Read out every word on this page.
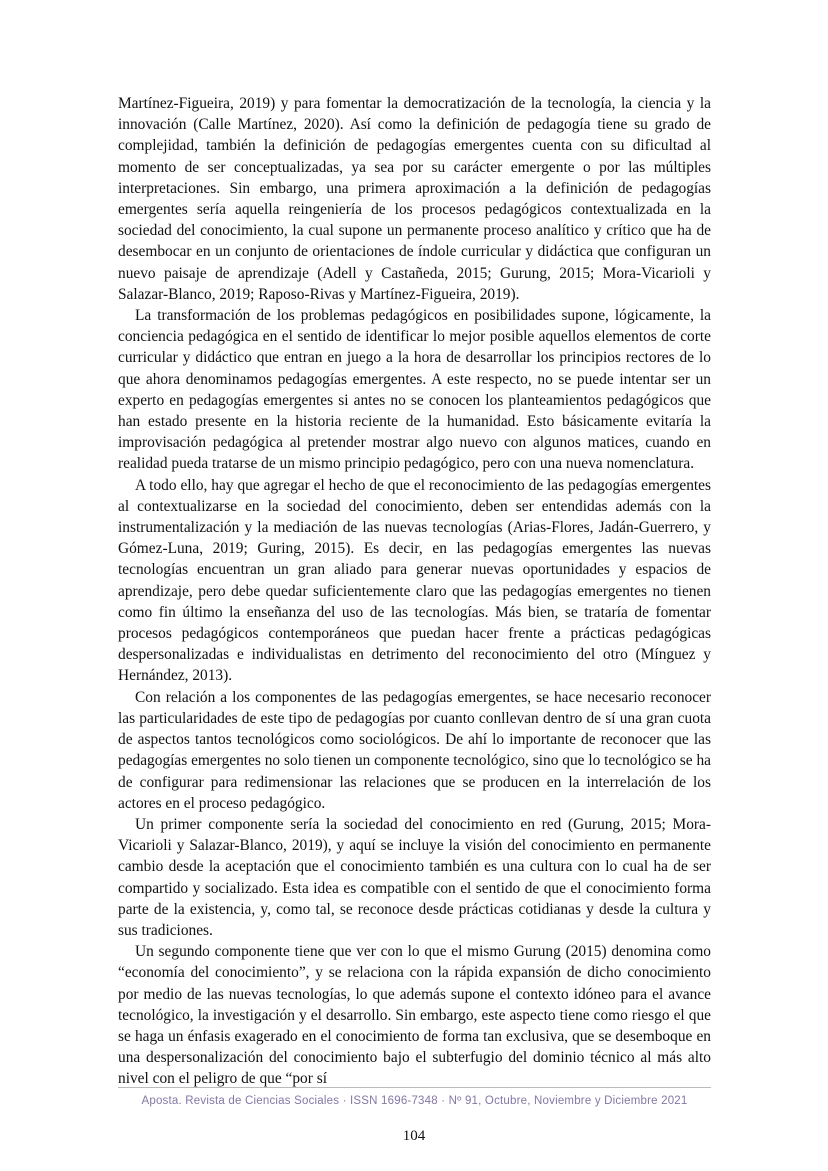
Martínez-Figueira, 2019) y para fomentar la democratización de la tecnología, la ciencia y la innovación (Calle Martínez, 2020). Así como la definición de pedagogía tiene su grado de complejidad, también la definición de pedagogías emergentes cuenta con su dificultad al momento de ser conceptualizadas, ya sea por su carácter emergente o por las múltiples interpretaciones. Sin embargo, una primera aproximación a la definición de pedagogías emergentes sería aquella reingeniería de los procesos pedagógicos contextualizada en la sociedad del conocimiento, la cual supone un permanente proceso analítico y crítico que ha de desembocar en un conjunto de orientaciones de índole curricular y didáctica que configuran un nuevo paisaje de aprendizaje (Adell y Castañeda, 2015; Gurung, 2015; Mora-Vicarioli y Salazar-Blanco, 2019; Raposo-Rivas y Martínez-Figueira, 2019).

La transformación de los problemas pedagógicos en posibilidades supone, lógicamente, la conciencia pedagógica en el sentido de identificar lo mejor posible aquellos elementos de corte curricular y didáctico que entran en juego a la hora de desarrollar los principios rectores de lo que ahora denominamos pedagogías emergentes. A este respecto, no se puede intentar ser un experto en pedagogías emergentes si antes no se conocen los planteamientos pedagógicos que han estado presente en la historia reciente de la humanidad. Esto básicamente evitaría la improvisación pedagógica al pretender mostrar algo nuevo con algunos matices, cuando en realidad pueda tratarse de un mismo principio pedagógico, pero con una nueva nomenclatura.

A todo ello, hay que agregar el hecho de que el reconocimiento de las pedagogías emergentes al contextualizarse en la sociedad del conocimiento, deben ser entendidas además con la instrumentalización y la mediación de las nuevas tecnologías (Arias-Flores, Jadán-Guerrero, y Gómez-Luna, 2019; Guring, 2015). Es decir, en las pedagogías emergentes las nuevas tecnologías encuentran un gran aliado para generar nuevas oportunidades y espacios de aprendizaje, pero debe quedar suficientemente claro que las pedagogías emergentes no tienen como fin último la enseñanza del uso de las tecnologías. Más bien, se trataría de fomentar procesos pedagógicos contemporáneos que puedan hacer frente a prácticas pedagógicas despersonalizadas e individualistas en detrimento del reconocimiento del otro (Mínguez y Hernández, 2013).

Con relación a los componentes de las pedagogías emergentes, se hace necesario reconocer las particularidades de este tipo de pedagogías por cuanto conllevan dentro de sí una gran cuota de aspectos tantos tecnológicos como sociológicos. De ahí lo importante de reconocer que las pedagogías emergentes no solo tienen un componente tecnológico, sino que lo tecnológico se ha de configurar para redimensionar las relaciones que se producen en la interrelación de los actores en el proceso pedagógico.

Un primer componente sería la sociedad del conocimiento en red (Gurung, 2015; Mora-Vicarioli y Salazar-Blanco, 2019), y aquí se incluye la visión del conocimiento en permanente cambio desde la aceptación que el conocimiento también es una cultura con lo cual ha de ser compartido y socializado. Esta idea es compatible con el sentido de que el conocimiento forma parte de la existencia, y, como tal, se reconoce desde prácticas cotidianas y desde la cultura y sus tradiciones.

Un segundo componente tiene que ver con lo que el mismo Gurung (2015) denomina como “economía del conocimiento”, y se relaciona con la rápida expansión de dicho conocimiento por medio de las nuevas tecnologías, lo que además supone el contexto idóneo para el avance tecnológico, la investigación y el desarrollo. Sin embargo, este aspecto tiene como riesgo el que se haga un énfasis exagerado en el conocimiento de forma tan exclusiva, que se desemboque en una despersonalización del conocimiento bajo el subterfugio del dominio técnico al más alto nivel con el peligro de que “por sí

Aposta. Revista de Ciencias Sociales · ISSN 1696-7348 · Nº 91, Octubre, Noviembre y Diciembre 2021
104
